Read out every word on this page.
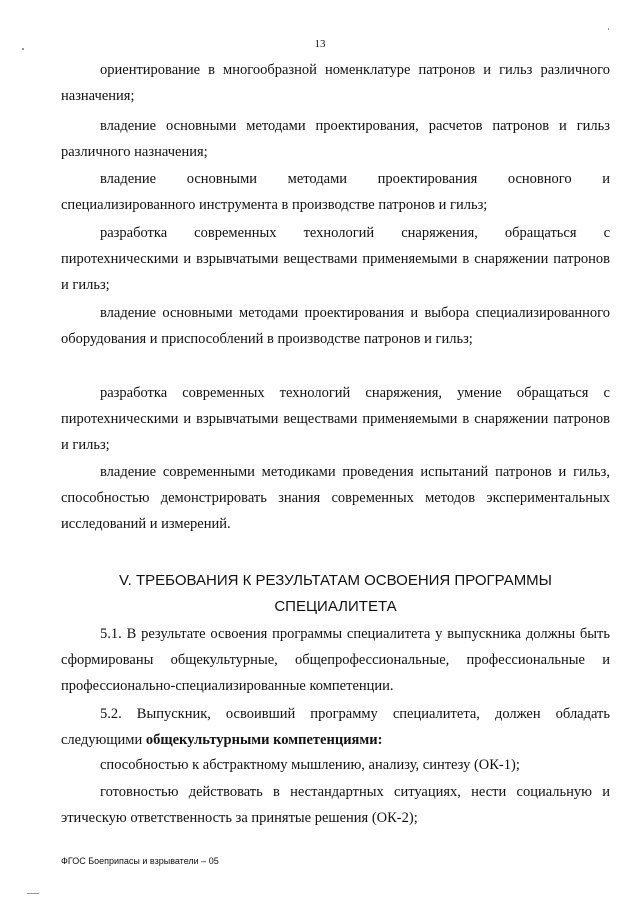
13

ориентирование в многообразной номенклатуре патронов и гильз различного назначения;

владение основными методами проектирования, расчетов патронов и гильз различного назначения;

владение основными методами проектирования основного и специализированного инструмента в производстве патронов и гильз;

разработка современных технологий снаряжения, обращаться с пиротехническими и взрывчатыми веществами применяемыми в снаряжении патронов и гильз;

владение основными методами проектирования и выбора специализированного оборудования и приспособлений в производстве патронов и гильз;

разработка современных технологий снаряжения, умение обращаться с пиротехническими и взрывчатыми веществами применяемыми в снаряжении патронов и гильз;

владение современными методиками проведения испытаний патронов и гильз, способностью демонстрировать знания современных методов экспериментальных исследований и измерений.

V. ТРЕБОВАНИЯ К РЕЗУЛЬТАТАМ ОСВОЕНИЯ ПРОГРАММЫ
СПЕЦИАЛИТЕТА

5.1. В результате освоения программы специалитета у выпускника должны быть сформированы общекультурные, общепрофессиональные, профессиональные и профессионально-специализированные компетенции.

5.2. Выпускник, освоивший программу специалитета, должен обладать следующими общекультурными компетенциями:

способностью к абстрактному мышлению, анализу, синтезу (ОК-1);

готовностью действовать в нестандартных ситуациях, нести социальную и этическую ответственность за принятые решения (ОК-2);

ФГОС Боеприпасы и взрыватели – 05
